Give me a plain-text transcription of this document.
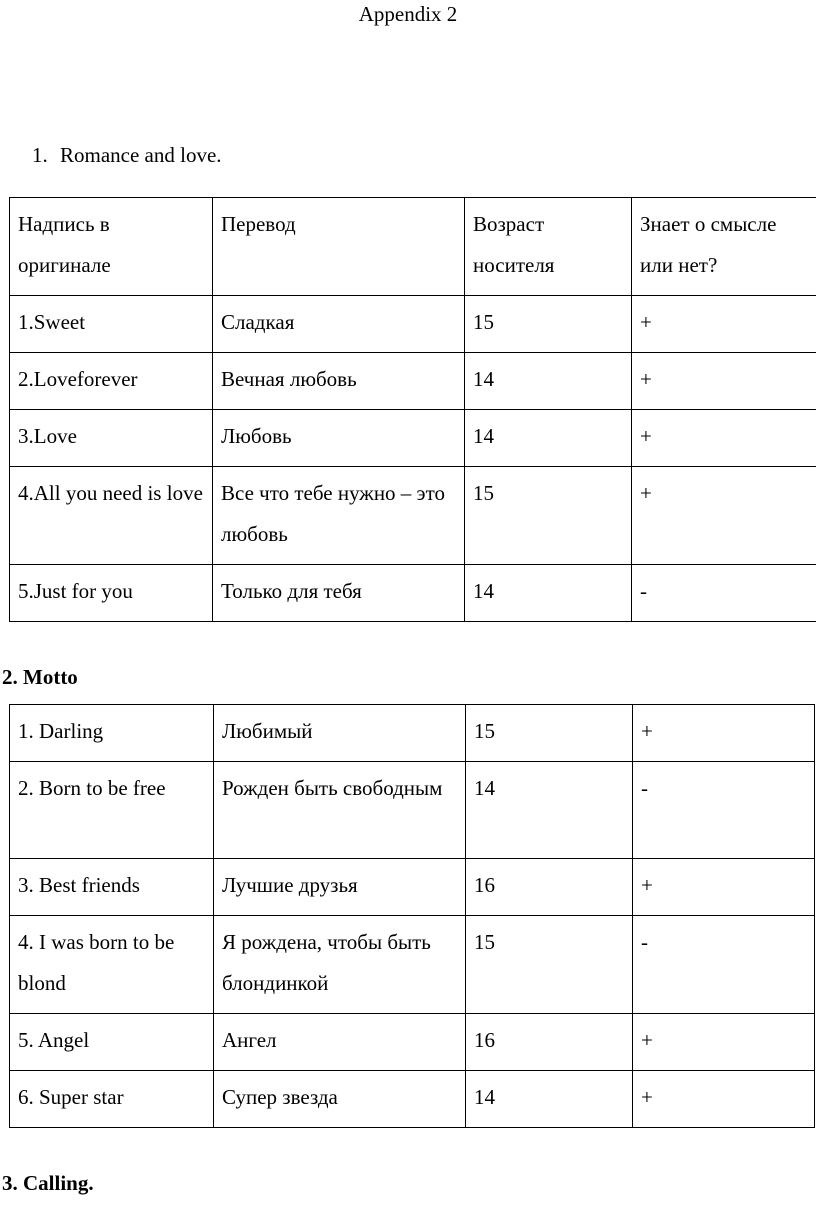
Appendix 2
1. Romance and love.
Надпись в оригинале	Перевод	Возраст носителя	Знает о смысле или нет?
1.Sweet	Сладкая	15	+
2.Loveforever	Вечная любовь	14	+
3.Love	Любовь	14	+
4.All you need is love	Все что тебе нужно – это любовь	15	+
5.Just for you	Только для тебя	14	-
2. Motto
1. Darling	Любимый	15	+
2. Born to be free	Рожден быть свободным	14	-
3. Best friends	Лучшие друзья	16	+
4. I was born to be blond	Я рождена, чтобы быть блондинкой	15	-
5. Angel	Ангел	16	+
6. Super star	Супер звезда	14	+
3. Calling.
